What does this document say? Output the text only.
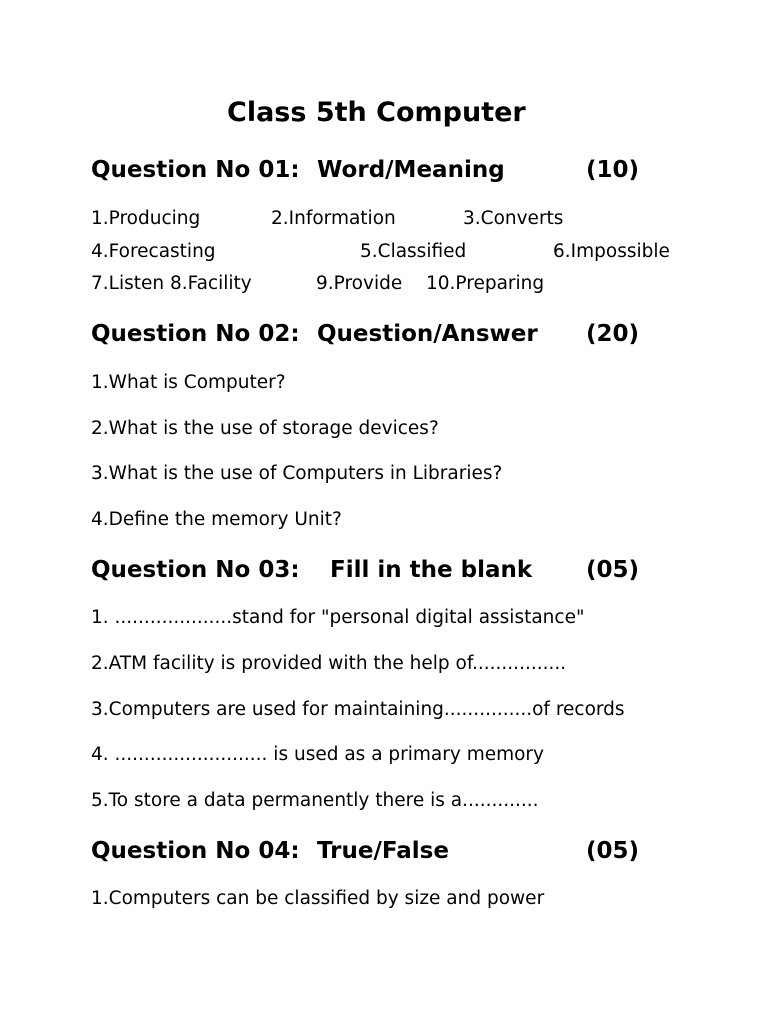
Class 5th Computer
Question No 01: Word/Meaning	(10)
1.Producing	2.Information	3.Converts
4.Forecasting	5.Classified	6.Impossible
7.Listen 8.Facility	9.Provide 10.Preparing
Question No 02: Question/Answer (20)
1.What is Computer?
2.What is the use of storage devices?
3.What is the use of Computers in Libraries?
4.Define the memory Unit?
Question No 03: Fill in the blank (05)
1. ....................stand for "personal digital assistance"
2.ATM facility is provided with the help of................
3.Computers are used for maintaining...............of records
4. .......................... is used as a primary memory
5.To store a data permanently there is a.............
Question No 04: True/False	(05)
1.Computers can be classified by size and power
